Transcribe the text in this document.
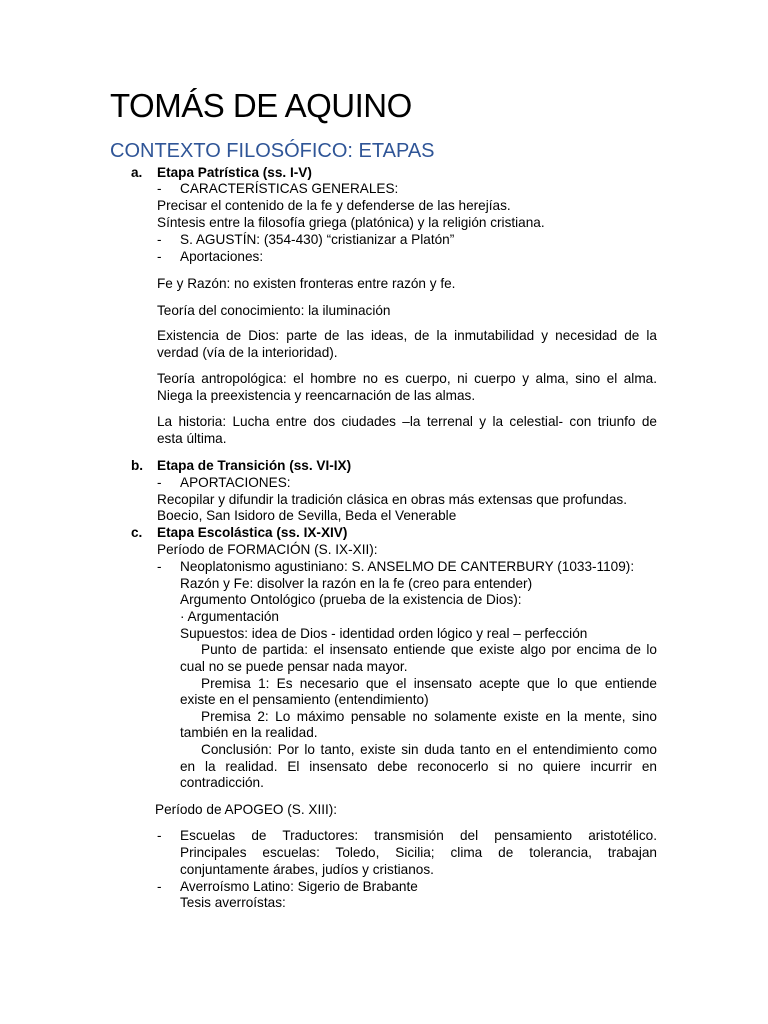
TOMÁS DE AQUINO
CONTEXTO FILOSÓFICO: ETAPAS
a. Etapa Patrística (ss. I-V)
- CARACTERÍSTICAS GENERALES:
Precisar el contenido de la fe y defenderse de las herejías.
Síntesis entre la filosofía griega (platónica) y la religión cristiana.
- S. AGUSTÍN: (354-430) “cristianizar a Platón”
- Aportaciones:
Fe y Razón: no existen fronteras entre razón y fe.
Teoría del conocimiento: la iluminación
Existencia de Dios: parte de las ideas, de la inmutabilidad y necesidad de la
verdad (vía de la interioridad).
Teoría antropológica: el hombre no es cuerpo, ni cuerpo y alma, sino el alma.
Niega la preexistencia y reencarnación de las almas.
La historia: Lucha entre dos ciudades –la terrenal y la celestial- con triunfo de
esta última.
b. Etapa de Transición (ss. VI-IX)
- APORTACIONES:
Recopilar y difundir la tradición clásica en obras más extensas que profundas.
Boecio, San Isidoro de Sevilla, Beda el Venerable
c. Etapa Escolástica (ss. IX-XIV)
Período de FORMACIÓN (S. IX-XII):
- Neoplatonismo agustiniano: S. ANSELMO DE CANTERBURY (1033-1109):
Razón y Fe: disolver la razón en la fe (creo para entender)
Argumento Ontológico (prueba de la existencia de Dios):
· Argumentación
Supuestos: idea de Dios - identidad orden lógico y real – perfección
Punto de partida: el insensato entiende que existe algo por encima de lo
cual no se puede pensar nada mayor.
Premisa 1: Es necesario que el insensato acepte que lo que entiende
existe en el pensamiento (entendimiento)
Premisa 2: Lo máximo pensable no solamente existe en la mente, sino
también en la realidad.
Conclusión: Por lo tanto, existe sin duda tanto en el entendimiento como
en la realidad. El insensato debe reconocerlo si no quiere incurrir en
contradicción.
Período de APOGEO (S. XIII):
- Escuelas de Traductores: transmisión del pensamiento aristotélico.
Principales escuelas: Toledo, Sicilia; clima de tolerancia, trabajan
conjuntamente árabes, judíos y cristianos.
- Averroísmo Latino: Sigerio de Brabante
Tesis averroístas:
